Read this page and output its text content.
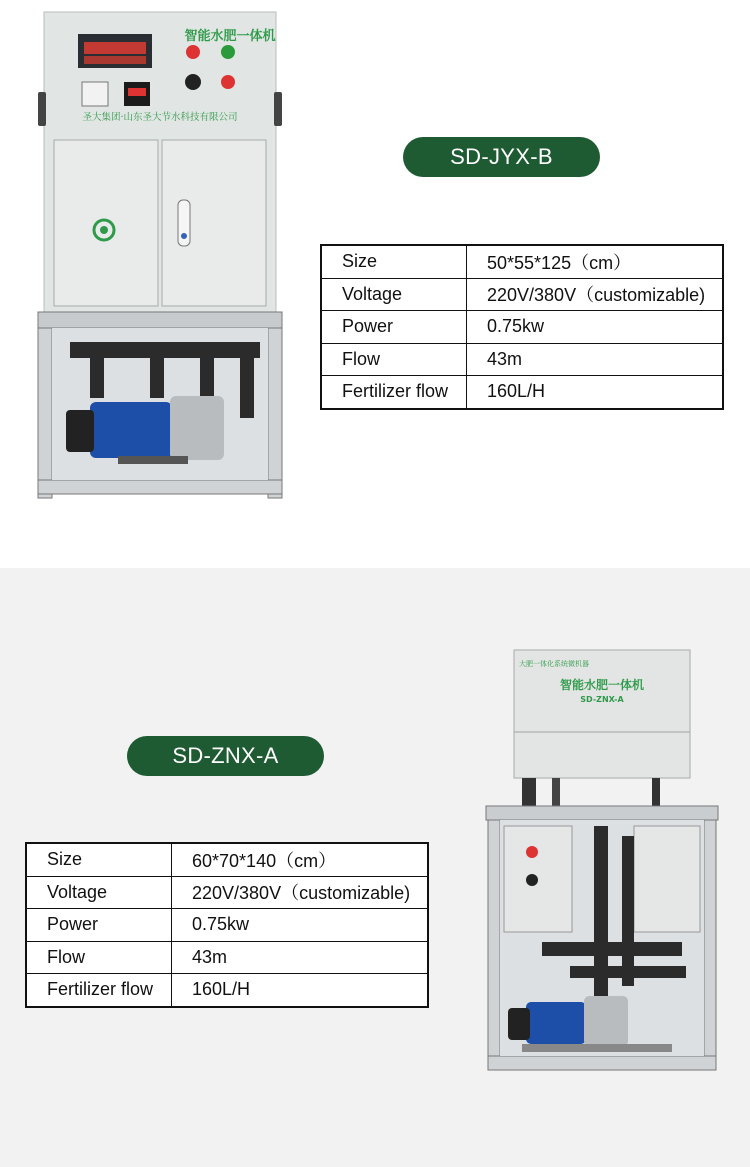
智能水肥一体机
圣大集团·山东圣大节水科技有限公司
SD-JYX-B
Size	50*55*125（cm）
Voltage	220V/380V（customizable)
Power	0.75kw
Flow	43m
Fertilizer flow	160L/H
SD-ZNX-A
Size	60*70*140（cm）
Voltage	220V/380V（customizable)
Power	0.75kw
Flow	43m
Fertilizer flow	160L/H
大肥一体化系统微机器
智能水肥一体机
SD-ZNX-A
